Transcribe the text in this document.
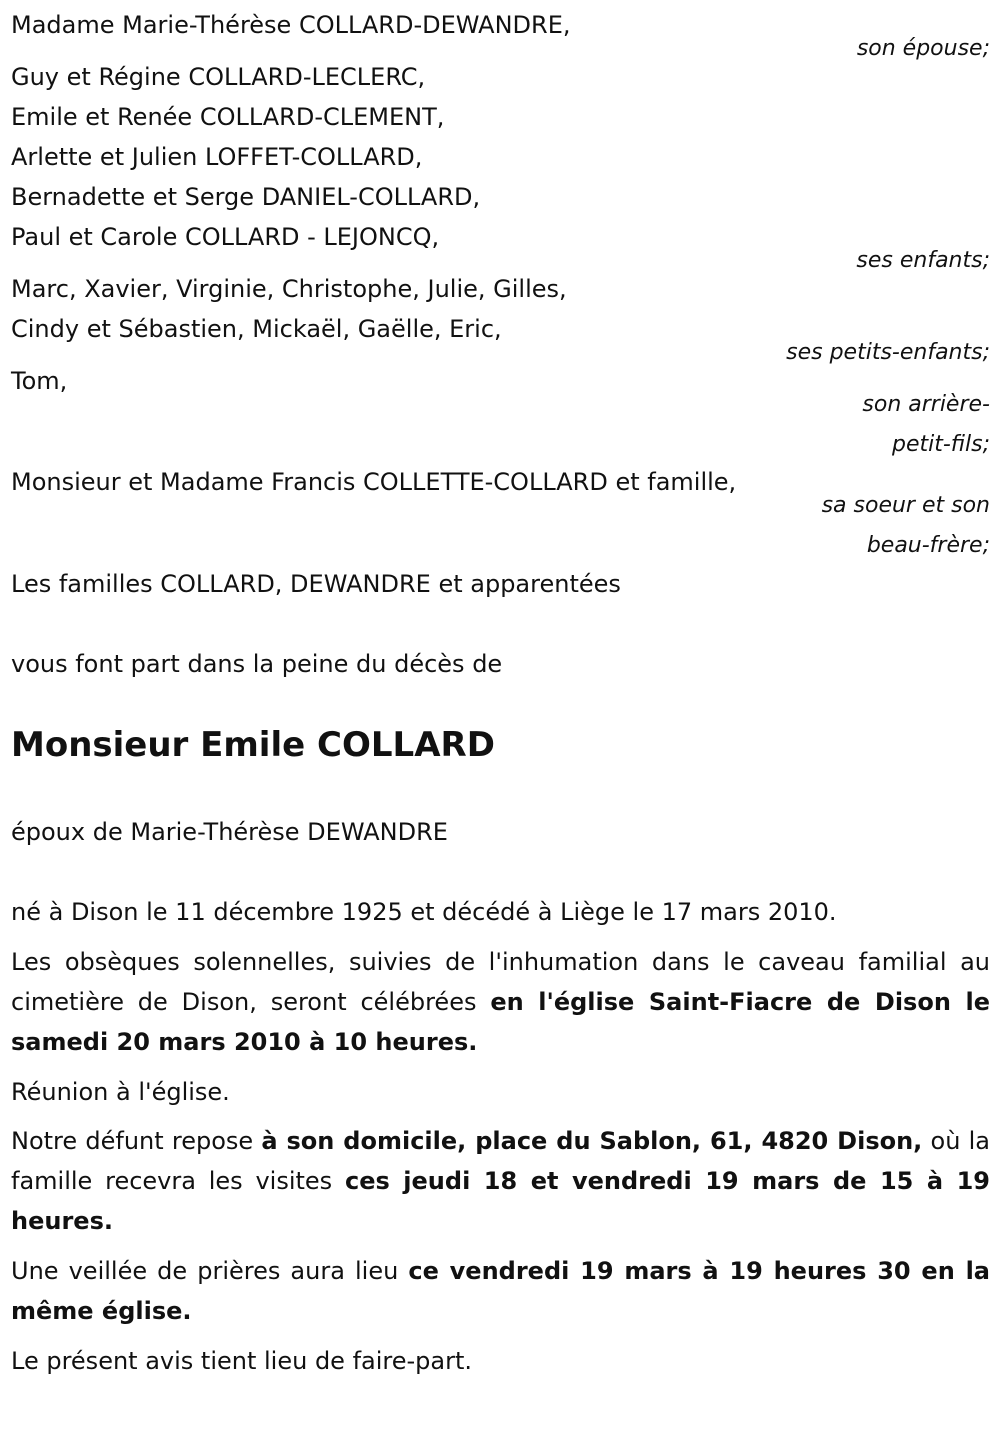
Madame Marie-Thérèse COLLARD-DEWANDRE,

son épouse;

Guy et Régine COLLARD-LECLERC,

Emile et Renée COLLARD-CLEMENT,

Arlette et Julien LOFFET-COLLARD,

Bernadette et Serge DANIEL-COLLARD,

Paul et Carole COLLARD - LEJONCQ,

ses enfants;

Marc, Xavier, Virginie, Christophe, Julie, Gilles,

Cindy et Sébastien, Mickaël, Gaëlle, Eric,

ses petits-enfants;

Tom,

son arrière-

petit-fils;

Monsieur et Madame Francis COLLETTE-COLLARD et famille,

sa soeur et son

beau-frère;

Les familles COLLARD, DEWANDRE et apparentées

vous font part dans la peine du décès de

Monsieur Emile COLLARD

époux de Marie-Thérèse DEWANDRE

né à Dison le 11 décembre 1925 et décédé à Liège le 17 mars 2010.

Les obsèques solennelles, suivies de l'inhumation dans le caveau familial au cimetière de Dison, seront célébrées en l'église Saint-Fiacre de Dison le samedi 20 mars 2010 à 10 heures.

Réunion à l'église.

Notre défunt repose à son domicile, place du Sablon, 61, 4820 Dison, où la famille recevra les visites ces jeudi 18 et vendredi 19 mars de 15 à 19 heures.

Une veillée de prières aura lieu ce vendredi 19 mars à 19 heures 30 en la même église.

Le présent avis tient lieu de faire-part.
